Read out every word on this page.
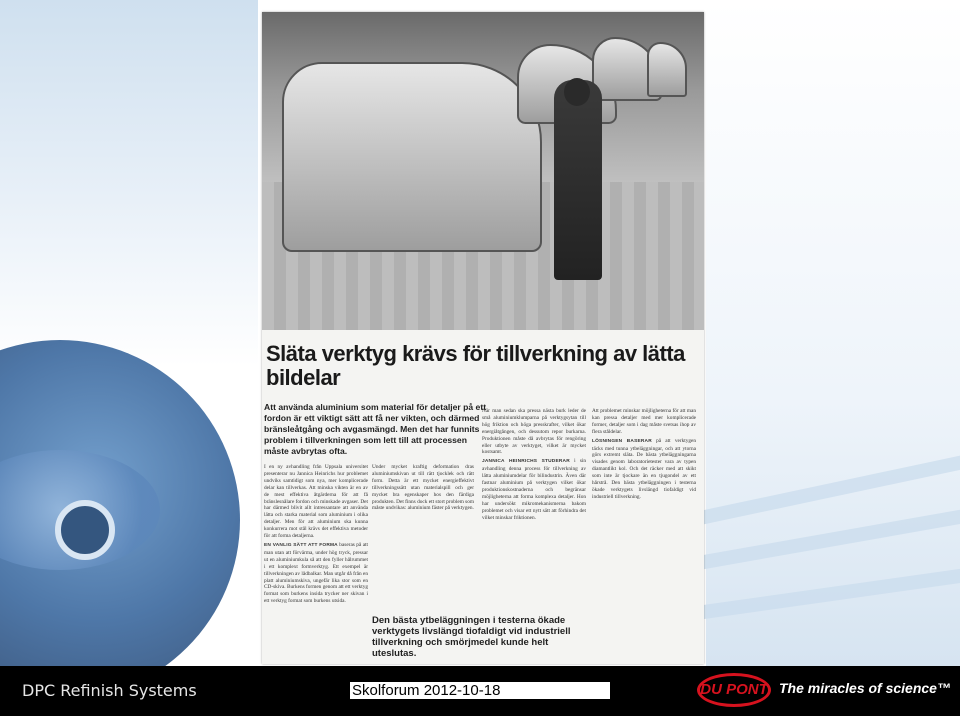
Släta verktyg krävs för tillverkning av lätta bildelar
Att använda aluminium som material för detaljer på ett fordon är ett viktigt sätt att få ner vikten, och därmed bränsleåtgång och avgasmängd. Men det har funnits problem i tillverkningen som lett till att processen måste avbrytas ofta.

I en ny avhandling från Uppsala universitet presenterar nu Jannica Heinrichs hur problemet undviks samtidigt som nya, mer komplicerade delar kan tillverkas. Att minska vikten är en av de mest effektiva åtgärderna för att få bränslesnålare fordon och minskade avgaser. Det har därmed blivit allt intressantare att använda lätta och starka material som aluminium i olika detaljer. Men för att aluminium ska kunna konkurrera mot stål krävs det effektiva metoder för att forma detaljerna.

EN VANLIG SÄTT ATT FORMA baseras på att man utan att förvärma, under hög tryck, pressar ut en aluminiumkula så att den fyller hålrummet i ett komplext formverktyg. Ett exempel är tillverkningen av lådbalkar. Man utgår då från en platt aluminiumskiva, ungefär lika stor som en CD-skiva. Burkens formen genom att ett verktyg format som burkens insida trycker ner skivan i ett verktyg format som burkens utsida.

Under mycket kraftig deformation dras aluminiumskivan ut till rätt tjocklek och rätt form. Detta är ett mycket energieffektivt tillverkningssätt utan materialspill och ger mycket bra egenskaper hos den färdiga produkten. Det finns dock ett stort problem som måste undvikas: aluminium fäster på verktygen.

När man sedan ska pressa nästa burk leder de små aluminiumklumparna på verktygsytan till hög friktion och höga presskrafter, vilket ökar energiåtgången, och dessutom repor burkarna. Produktionen måste då avbrytas för rengöring eller utbyte av verktyget, vilket är mycket kostsamt.

JANNICA HEINRICHS STUDERAR i sin avhandling denna process för tillverkning av lätta aluminiumdelar för bilindustrin. Även där fastnar aluminium på verktygen vilket ökar produktionskostnaderna och begränsar möjligheterna att forma komplexa detaljer. Hon har undersökt mikromekanismerna bakom problemet och visar ett nytt sätt att förhindra det vilket minskar friktionen.

Att problemet minskar möjligheterna för att man kan pressa detaljer med mer komplicerade former, detaljer som i dag måste svetsas ihop av flera ståldelar.

LÖSNINGEN BASERAR på att verktygen täcks med tunna ytbeläggningar, och att ytorna görs extremt släta. De bästa ytbeläggningarna visades genom laboratorietester vara av typen diamantlikt kol. Och det räcker med att skikt som inte är tjockare än en tjugondel av ett hårstrå. Den bästa ytbeläggningen i testerna ökade verktygets livslängd tiofaldigt vid industriell tillverkning.

Den bästa ytbeläggningen i testerna ökade verktygets livslängd tiofaldigt vid industriell tillverkning och smörjmedel kunde helt uteslutas.
DPC Refinish Systems	Skolforum 2012-10-18	DU PONT The miracles of science™
